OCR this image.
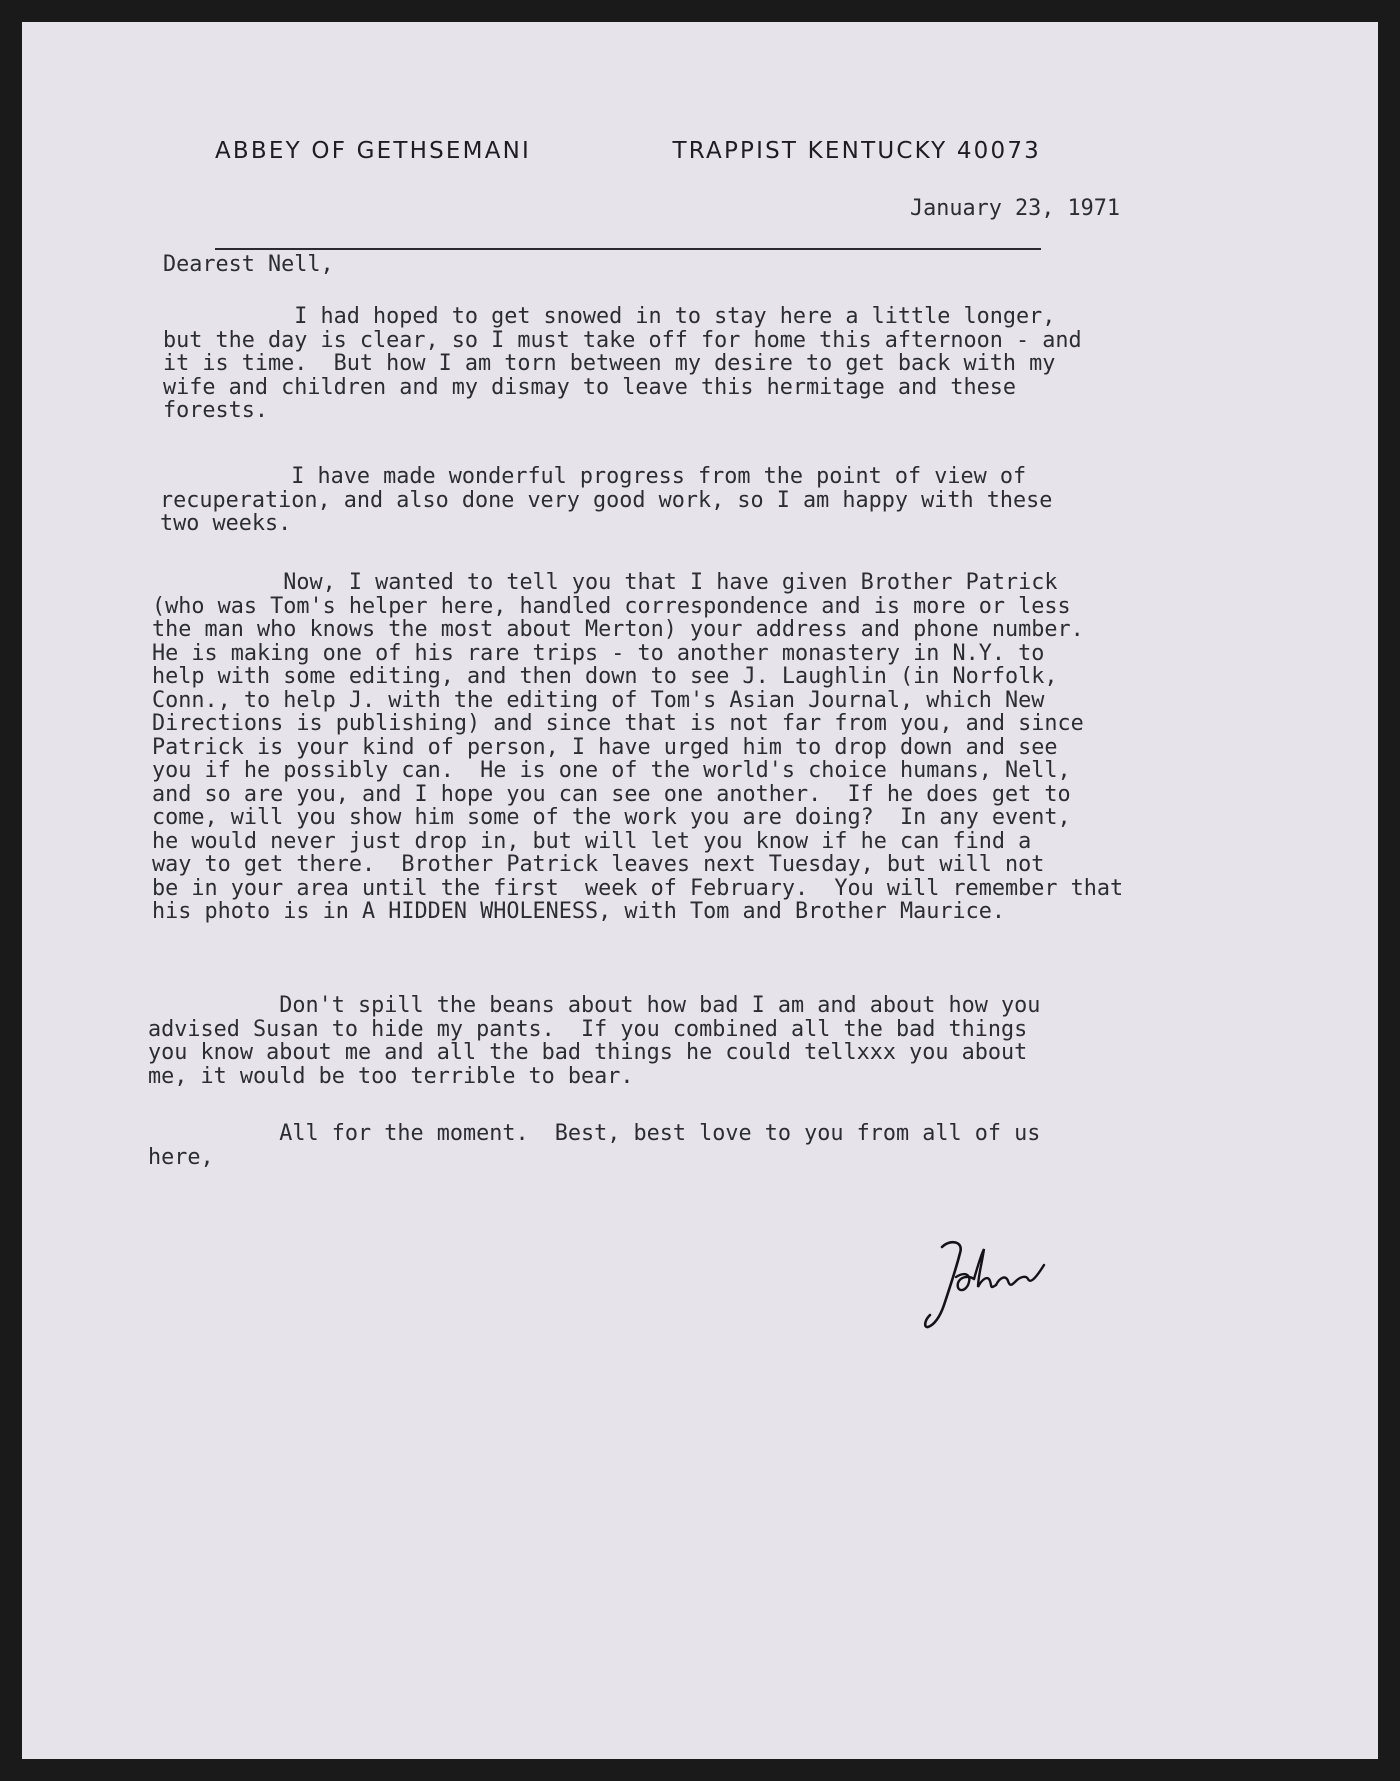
ABBEY OF GETHSEMANI

	TRAPPIST KENTUCKY 40073

January 23, 1971
Dearest Nell,
I had hoped to get snowed in to stay here a little longer,
but the day is clear, so I must take off for home this afternoon - and
it is time.  But how I am torn between my desire to get back with my
wife and children and my dismay to leave this hermitage and these
forests.
I have made wonderful progress from the point of view of
recuperation, and also done very good work, so I am happy with these
two weeks.
Now, I wanted to tell you that I have given Brother Patrick
(who was Tom's helper here, handled correspondence and is more or less
the man who knows the most about Merton) your address and phone number.
He is making one of his rare trips - to another monastery in N.Y. to
help with some editing, and then down to see J. Laughlin (in Norfolk,
Conn., to help J. with the editing of Tom's Asian Journal, which New
Directions is publishing) and since that is not far from you, and since
Patrick is your kind of person, I have urged him to drop down and see
you if he possibly can.  He is one of the world's choice humans, Nell,
and so are you, and I hope you can see one another.  If he does get to
come, will you show him some of the work you are doing?  In any event,
he would never just drop in, but will let you know if he can find a
way to get there.  Brother Patrick leaves next Tuesday, but will not
be in your area until the first  week of February.  You will remember that
his photo is in A HIDDEN WHOLENESS, with Tom and Brother Maurice.
Don't spill the beans about how bad I am and about how you
advised Susan to hide my pants.  If you combined all the bad things
you know about me and all the bad things he could tellxxx you about
me, it would be too terrible to bear.
All for the moment.  Best, best love to you from all of us
here,
